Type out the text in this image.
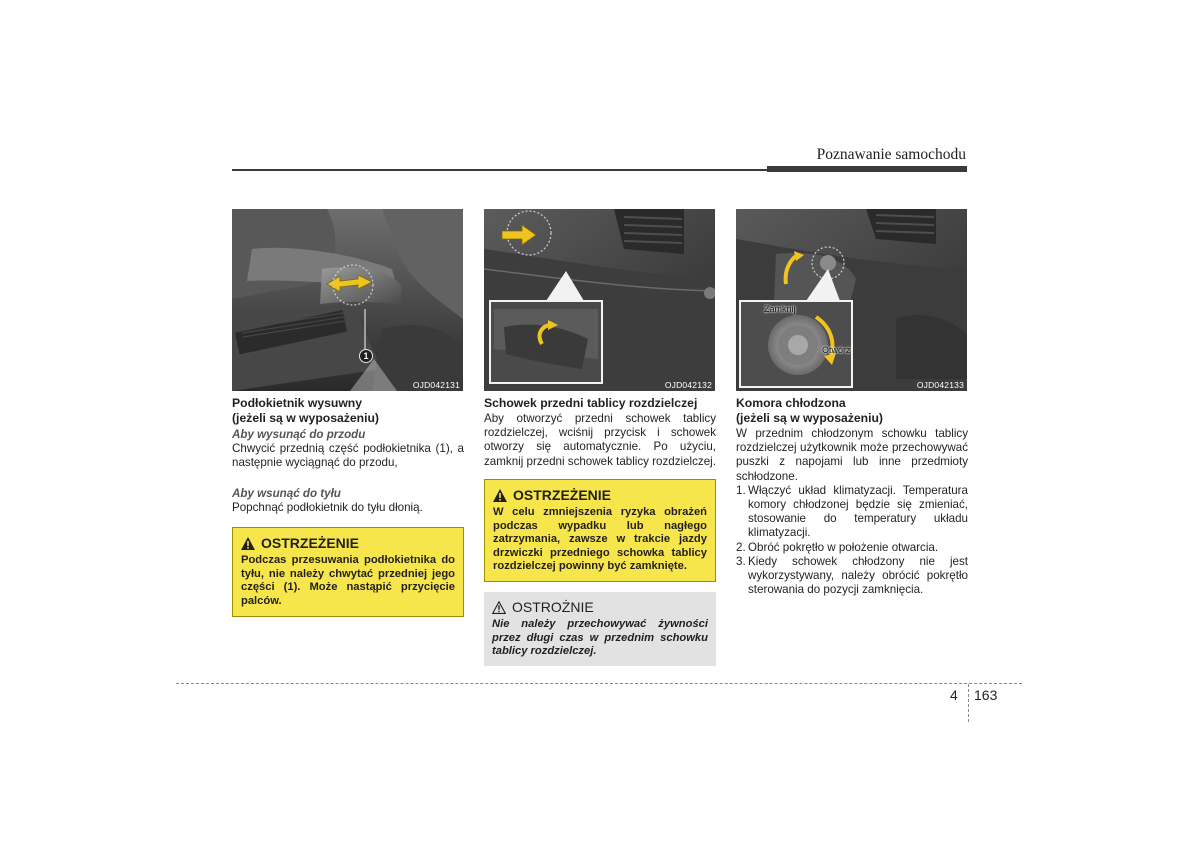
Poznawanie samochodu
1
OJD042131	OJD042132
Zamknij
Otwórz
OJD042133
Podłokietnik wysuwny
(jeżeli są w wyposażeniu)
Aby wysunąć do przodu
Chwycić przednią część podłokietnika (1), a następnie wyciągnąć do przodu,
Aby wsunąć do tyłu
Popchnąć podłokietnik do tyłu dłonią.
OSTRZEŻENIE
Podczas przesuwania podłokietnika do tyłu, nie należy chwytać przedniej jego części (1). Może nastąpić przycięcie palców.
Schowek przedni tablicy rozdzielczej
Aby otworzyć przedni schowek tablicy rozdzielczej, wciśnij przycisk i schowek otworzy się automatycznie. Po użyciu, zamknij przedni schowek tablicy rozdzielczej.
OSTRZEŻENIE
W celu zmniejszenia ryzyka obrażeń podczas wypadku lub nagłego zatrzymania, zawsze w trakcie jazdy drzwiczki przedniego schowka tablicy rozdzielczej powinny być zamknięte.
OSTROŻNIE
Nie należy przechowywać żywności przez długi czas w przednim schowku tablicy rozdzielczej.
Komora chłodzona
(jeżeli są w wyposażeniu)
W przednim chłodzonym schowku tablicy rozdzielczej użytkownik może przechowywać puszki z napojami lub inne przedmioty schłodzone.
1. Włączyć układ klimatyzacji. Temperatura komory chłodzonej będzie się zmieniać, stosowanie do temperatury układu klimatyzacji.
2. Obróć pokrętło w położenie otwarcia.
3. Kiedy schowek chłodzony nie jest wykorzystywany, należy obrócić pokrętło sterowania do pozycji zamknięcia.
4 163
